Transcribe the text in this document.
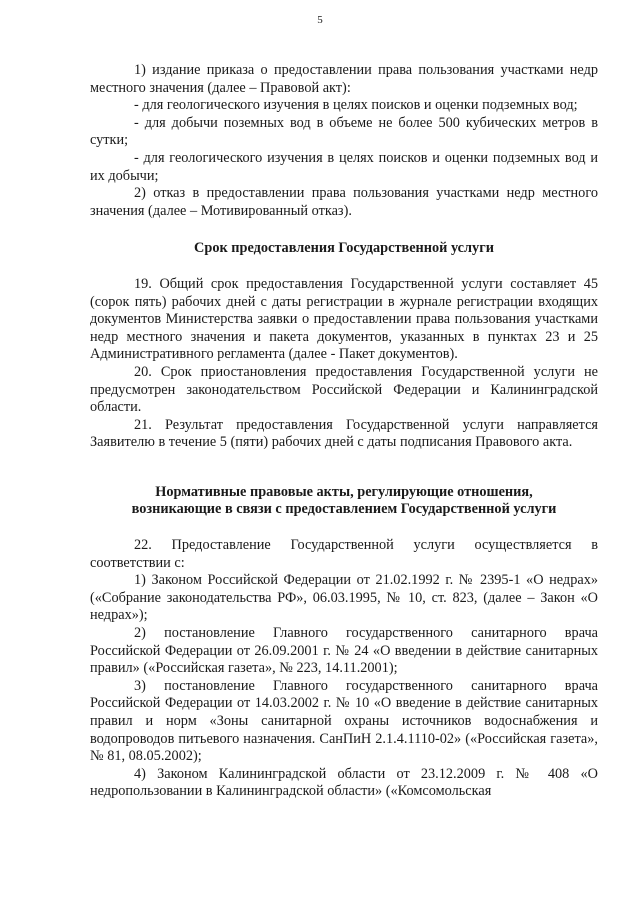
5

1) издание приказа о предоставлении права пользования участками недр местного значения (далее – Правовой акт):

- для геологического изучения в целях поисков и оценки подземных вод;

- для добычи поземных вод в объеме не более 500 кубических метров в сутки;

- для геологического изучения в целях поисков и оценки подземных вод и их добычи;

2) отказ в предоставлении права пользования участками недр местного значения (далее – Мотивированный отказ).

Срок предоставления Государственной услуги

19. Общий срок предоставления Государственной услуги составляет 45 (сорок пять) рабочих дней с даты регистрации в журнале регистрации входящих документов Министерства заявки о предоставлении права пользования участками недр местного значения и пакета документов, указанных в пунктах 23 и 25 Административного регламента (далее - Пакет документов).

20. Срок приостановления предоставления Государственной услуги не предусмотрен законодательством Российской Федерации и Калининградской области.

21. Результат предоставления Государственной услуги направляется Заявителю в течение 5 (пяти) рабочих дней с даты подписания Правового акта.

Нормативные правовые акты, регулирующие отношения,

возникающие в связи с предоставлением Государственной услуги

22. Предоставление Государственной услуги осуществляется в соответствии с:

1) Законом Российской Федерации от 21.02.1992 г. № 2395-1 «О недрах» («Собрание законодательства РФ», 06.03.1995, № 10, ст. 823, (далее – Закон «О недрах»);

2) постановление Главного государственного санитарного врача Российской Федерации от 26.09.2001 г. № 24 «О введении в действие санитарных правил» («Российская газета», № 223, 14.11.2001);

3) постановление Главного государственного санитарного врача Российской Федерации от 14.03.2002 г. № 10 «О введение в действие санитарных правил и норм «Зоны санитарной охраны источников водоснабжения и водопроводов питьевого назначения. СанПиН 2.1.4.1110-02» («Российская газета», № 81, 08.05.2002);

4) Законом Калининградской области от 23.12.2009 г. № 408 «О недропользовании в Калининградской области» («Комсомольская
